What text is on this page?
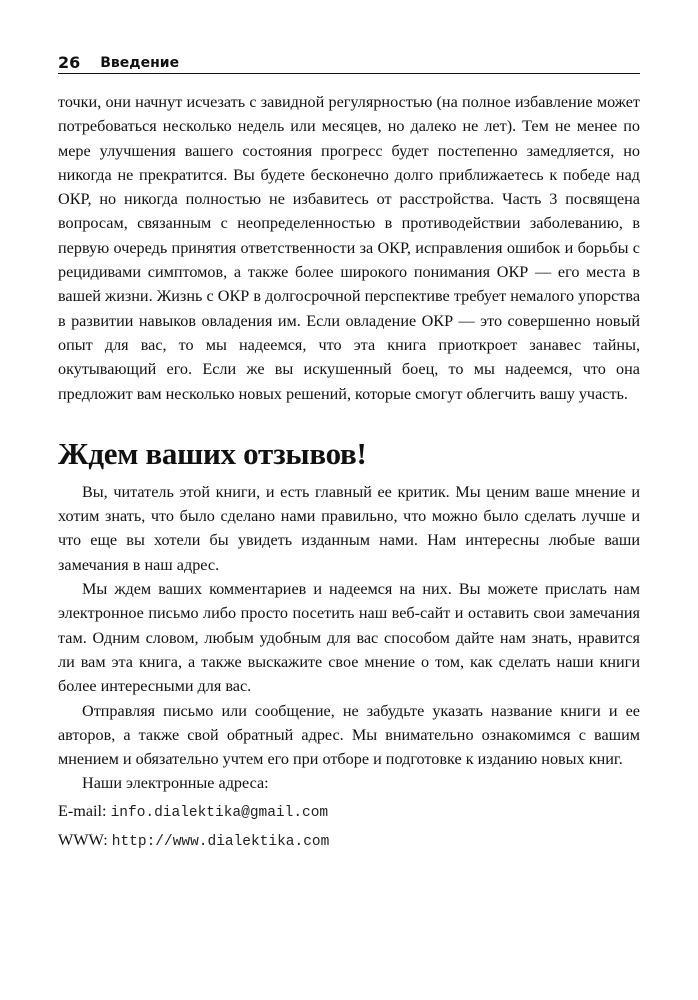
26 Введение

точки, они начнут исчезать с завидной регулярностью (на полное избавление может потребоваться несколько недель или месяцев, но далеко не лет). Тем не менее по мере улучшения вашего состояния прогресс будет постепенно замедляется, но никогда не прекратится. Вы будете бесконечно долго приближаетесь к победе над ОКР, но никогда полностью не избавитесь от расстройства. Часть 3 посвящена вопросам, связанным с неопределенностью в противодействии заболеванию, в первую очередь принятия ответственности за ОКР, исправления ошибок и борьбы с рецидивами симптомов, а также более широкого понимания ОКР — его места в вашей жизни. Жизнь с ОКР в долгосрочной перспективе требует немалого упорства в развитии навыков овладения им. Если овладение ОКР — это совершенно новый опыт для вас, то мы надеемся, что эта книга приоткроет занавес тайны, окутывающий его. Если же вы искушенный боец, то мы надеемся, что она предложит вам несколько новых решений, которые смогут облегчить вашу участь.

Ждем ваших отзывов!

Вы, читатель этой книги, и есть главный ее критик. Мы ценим ваше мнение и хотим знать, что было сделано нами правильно, что можно было сделать лучше и что еще вы хотели бы увидеть изданным нами. Нам интересны любые ваши замечания в наш адрес.

Мы ждем ваших комментариев и надеемся на них. Вы можете прислать нам электронное письмо либо просто посетить наш веб-сайт и оставить свои замечания там. Одним словом, любым удобным для вас способом дайте нам знать, нравится ли вам эта книга, а также выскажите свое мнение о том, как сделать наши книги более интересными для вас.

Отправляя письмо или сообщение, не забудьте указать название книги и ее авторов, а также свой обратный адрес. Мы внимательно ознакомимся с вашим мнением и обязательно учтем его при отборе и подготовке к изданию новых книг.

Наши электронные адреса:

E-mail: info.dialektika@gmail.com

WWW: http://www.dialektika.com
